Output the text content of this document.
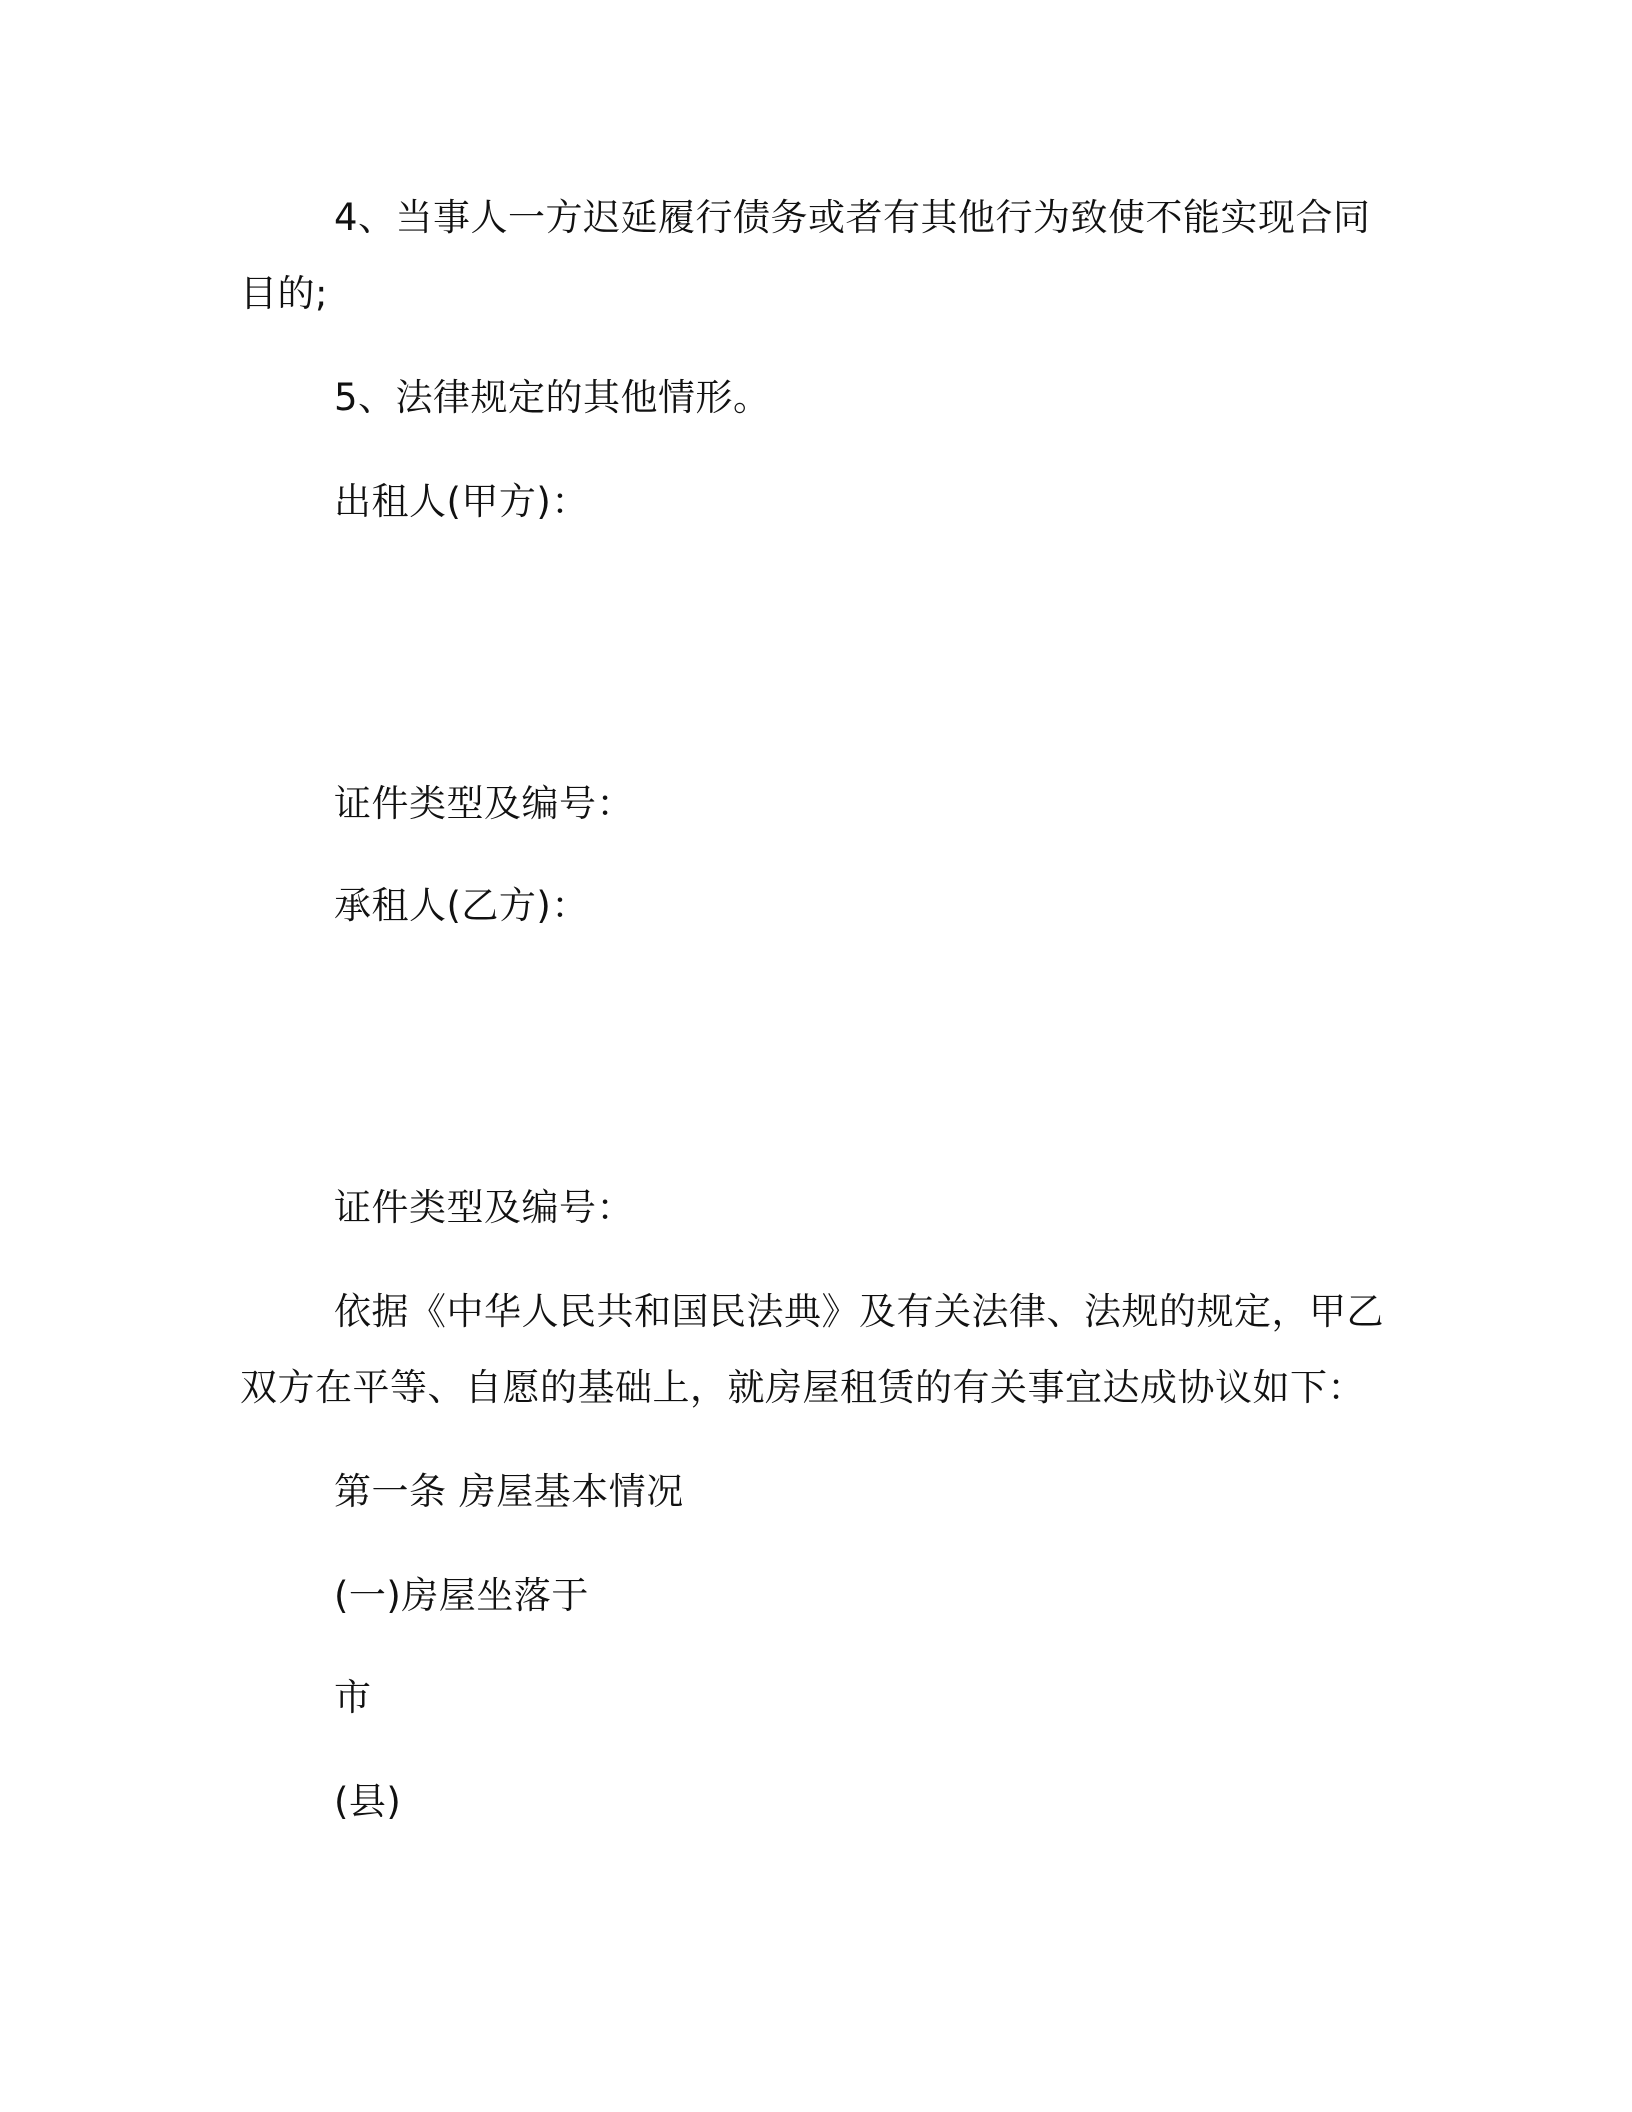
4、当事人一方迟延履行债务或者有其他行为致使不能实现合同
目的;
5、法律规定的其他情形。
出租人(甲方)：
证件类型及编号：
承租人(乙方)：
证件类型及编号：
依据《中华人民共和国民法典》及有关法律、法规的规定，甲乙
双方在平等、自愿的基础上，就房屋租赁的有关事宜达成协议如下：
第一条 房屋基本情况
(一)房屋坐落于
市
(县)
